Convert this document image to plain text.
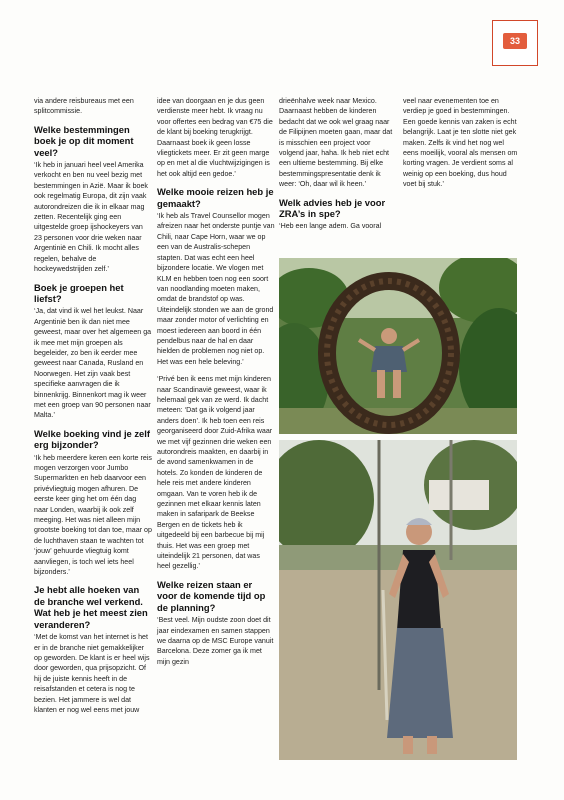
33

via andere reisbureaus met een splitcommissie.

Welke bestemmingen boek je op dit moment veel?

‘Ik heb in januari heel veel Amerika verkocht en ben nu veel bezig met bestemmingen in Azië. Maar ik boek ook regelmatig Europa, dit zijn vaak autorondreizen die ik in elkaar mag zetten. Recentelijk ging een uitgestelde groep ijshockeyers van 23 personen voor drie weken naar Argentinië en Chili. Ik mocht alles regelen, behalve de hockeywedstrijden zelf.’

Boek je groepen het liefst?

‘Ja, dat vind ik wel het leukst. Naar Argentinië ben ik dan niet mee geweest, maar over het algemeen ga ik mee met mijn groepen als begeleider, zo ben ik eerder mee geweest naar Canada, Rusland en Noorwegen. Het zijn vaak best specifieke aanvragen die ik binnenkrijg. Binnenkort mag ik weer met een groep van 90 personen naar Malta.’

Welke boeking vind je zelf erg bijzonder?

‘Ik heb meerdere keren een korte reis mogen verzorgen voor Jumbo Supermarkten en heb daarvoor een privévliegtuig mogen afhuren. De eerste keer ging het om één dag naar Londen, waarbij ik ook zelf meeging. Het was niet alleen mijn grootste boeking tot dan toe, maar op de luchthaven staan te wachten tot ‘jouw’ gehuurde vliegtuig komt aanvliegen, is toch wel iets heel bijzonders.’

Je hebt alle hoeken van de branche wel verkend. Wat heb je het meest zien veranderen?

‘Met de komst van het internet is het er in de branche niet gemakkelijker op geworden. De klant is er heel wijs door geworden, qua prijsopzicht. Of hij de juiste kennis heeft in de reisafstanden et cetera is nog te bezien. Het jammere is wel dat klanten er nog wel eens met jouw

idee van doorgaan en je dus geen verdienste meer hebt. Ik vraag nu voor offertes een bedrag van €75 die de klant bij boeking terugkrijgt. Daarnaast boek ik geen losse vliegtickets meer. Er zit geen marge op en met al die vluchtwijzigingen is het ook altijd een gedoe.’

Welke mooie reizen heb je gemaakt?

‘Ik heb als Travel Counsellor mogen afreizen naar het onderste puntje van Chili, naar Cape Horn, waar we op een van de Australis-schepen stapten. Dat was echt een heel bijzondere locatie. We vlogen met KLM en hebben toen nog een soort van noodlanding moeten maken, omdat de brandstof op was. Uiteindelijk stonden we aan de grond maar zonder motor of verlichting en moest iedereen aan boord in één pendelbus naar de hal en daar hielden de problemen nog niet op. Het was een hele beleving.’

‘Privé ben ik eens met mijn kinderen naar Scandinavië geweest, waar ik helemaal gek van ze werd. Ik dacht meteen: ‘Dat ga ik volgend jaar anders doen’. Ik heb toen een reis georganiseerd door Zuid-Afrika waar we met vijf gezinnen drie weken een autorondreis maakten, en daarbij in de avond samenkwamen in de hotels. Zo konden de kinderen de hele reis met andere kinderen omgaan. Van te voren heb ik de gezinnen met elkaar kennis laten maken in safaripark de Beekse Bergen en de tickets heb ik uitgedeeld bij een barbecue bij mij thuis. Het was een groep met uiteindelijk 21 personen, dat was heel gezellig.’

Welke reizen staan er voor de komende tijd op de planning?

‘Best veel. Mijn oudste zoon doet dit jaar eindexamen en samen stappen we daarna op de MSC Europe vanuit Barcelona. Deze zomer ga ik met mijn gezin

drieënhalve week naar Mexico. Daarnaast hebben de kinderen bedacht dat we ook wel graag naar de Filipijnen moeten gaan, maar dat is misschien een project voor volgend jaar, haha. Ik heb niet echt een ultieme bestemming. Bij elke bestemmingspresentatie denk ik weer: ‘Oh, daar wil ik heen.’

Welk advies heb je voor ZRA’s in spe?

‘Heb een lange adem. Ga vooral

veel naar evenementen toe en verdiep je goed in bestemmingen. Een goede kennis van zaken is echt belangrijk. Laat je ten slotte niet gek maken. Zelfs ik vind het nog wel eens moeilijk, vooral als mensen om korting vragen. Je verdient soms al weinig op een boeking, dus houd voet bij stuk.’
